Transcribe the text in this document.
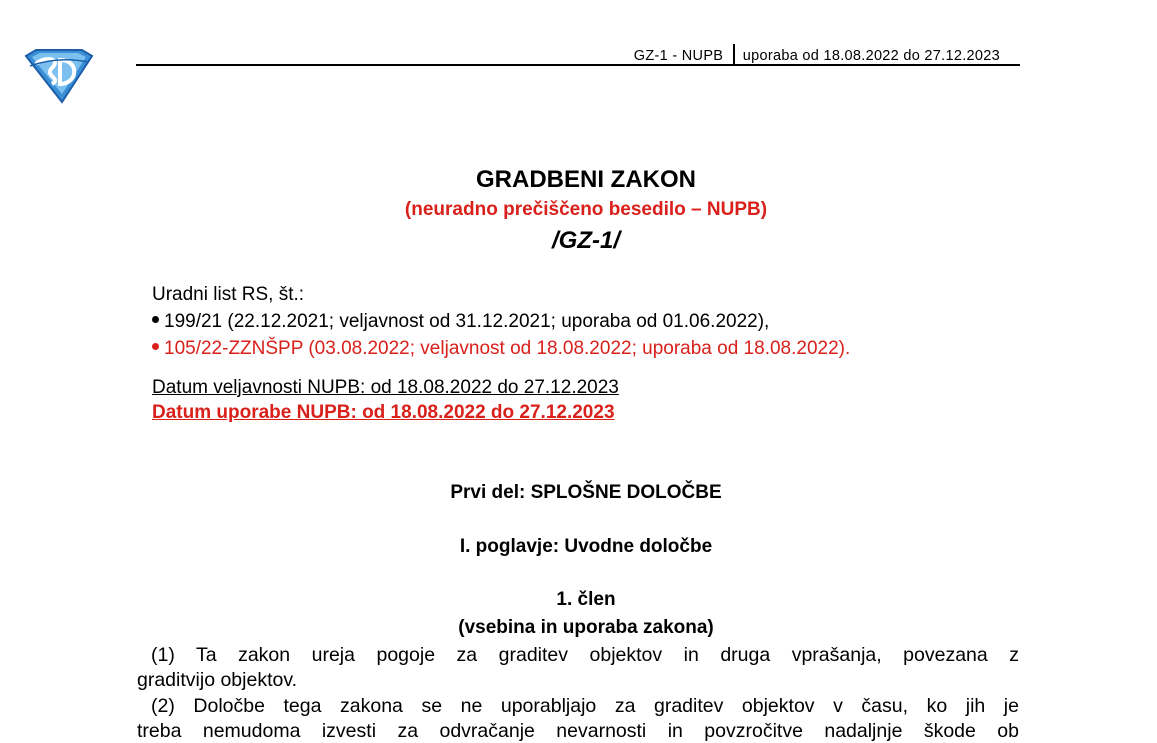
GZ-1 - NUPB uporaba od 18.08.2022 do 27.12.2023
GRADBENI ZAKON
(neuradno prečiščeno besedilo – NUPB)
/GZ-1/
Uradni list RS, št.:
199/21 (22.12.2021; veljavnost od 31.12.2021; uporaba od 01.06.2022),
105/22-ZZNŠPP (03.08.2022; veljavnost od 18.08.2022; uporaba od 18.08.2022).
Datum veljavnosti NUPB: od 18.08.2022 do 27.12.2023
Datum uporabe NUPB: od 18.08.2022 do 27.12.2023
Prvi del: SPLOŠNE DOLOČBE
I. poglavje: Uvodne določbe
1. člen
(vsebina in uporaba zakona)
(1) Ta zakon ureja pogoje za graditev objektov in druga vprašanja, povezana z
graditvijo objektov.
(2) Določbe tega zakona se ne uporabljajo za graditev objektov v času, ko jih je
treba nemudoma izvesti za odvračanje nevarnosti in povzročitve nadaljnje škode ob
